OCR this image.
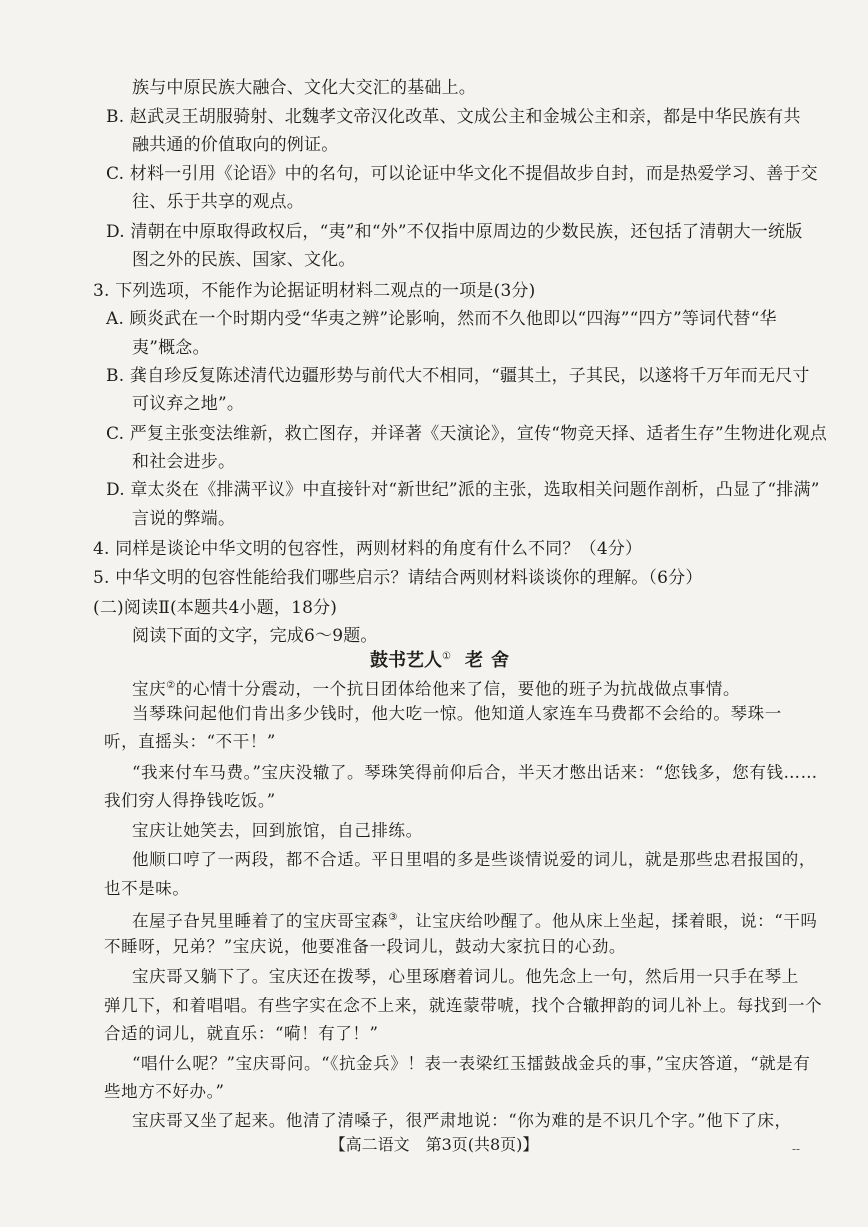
族与中原民族大融合、文化大交汇的基础上。
B. 赵武灵王胡服骑射、北魏孝文帝汉化改革、文成公主和金城公主和亲，都是中华民族有共
融共通的价值取向的例证。
C. 材料一引用《论语》中的名句，可以论证中华文化不提倡故步自封，而是热爱学习、善于交
往、乐于共享的观点。
D. 清朝在中原取得政权后，“夷”和“外”不仅指中原周边的少数民族，还包括了清朝大一统版
图之外的民族、国家、文化。
3. 下列选项，不能作为论据证明材料二观点的一项是(3分)
A. 顾炎武在一个时期内受“华夷之辨”论影响，然而不久他即以“四海”“四方”等词代替“华
夷”概念。
B. 龚自珍反复陈述清代边疆形势与前代大不相同，“疆其土，子其民，以遂将千万年而无尺寸
可议弃之地”。
C. 严复主张变法维新，救亡图存，并译著《天演论》，宣传“物竞天择、适者生存”生物进化观点
和社会进步。
D. 章太炎在《排满平议》中直接针对“新世纪”派的主张，选取相关问题作剖析，凸显了“排满”
言说的弊端。
4. 同样是谈论中华文明的包容性，两则材料的角度有什么不同？（4分）
5. 中华文明的包容性能给我们哪些启示？请结合两则材料谈谈你的理解。（6分）
(二)阅读Ⅱ(本题共4小题，18分)
阅读下面的文字，完成6～9题。
鼓书艺人① 老舍
宝庆②的心情十分震动，一个抗日团体给他来了信，要他的班子为抗战做点事情。
当琴珠问起他们肯出多少钱时，他大吃一惊。他知道人家连车马费都不会给的。琴珠一
听，直摇头：“不干！”
“我来付车马费。”宝庆没辙了。琴珠笑得前仰后合，半天才憋出话来：“您钱多，您有钱……
我们穷人得挣钱吃饭。”
宝庆让她笑去，回到旅馆，自己排练。
他顺口哼了一两段，都不合适。平日里唱的多是些谈情说爱的词儿，就是那些忠君报国的，
也不是味。
在屋子旮旯里睡着了的宝庆哥宝森③，让宝庆给吵醒了。他从床上坐起，揉着眼，说：“干吗
不睡呀，兄弟？”宝庆说，他要准备一段词儿，鼓动大家抗日的心劲。
宝庆哥又躺下了。宝庆还在拨琴，心里琢磨着词儿。他先念上一句，然后用一只手在琴上
弹几下，和着唱唱。有些字实在念不上来，就连蒙带唬，找个合辙押韵的词儿补上。每找到一个
合适的词儿，就直乐：“嗬！有了！”
“唱什么呢？”宝庆哥问。“《抗金兵》！表一表梁红玉擂鼓战金兵的事，”宝庆答道，“就是有
些地方不好办。”
宝庆哥又坐了起来。他清了清嗓子，很严肃地说：“你为难的是不识几个字。”他下了床，
【高二语文　第3页(共8页)】	--
